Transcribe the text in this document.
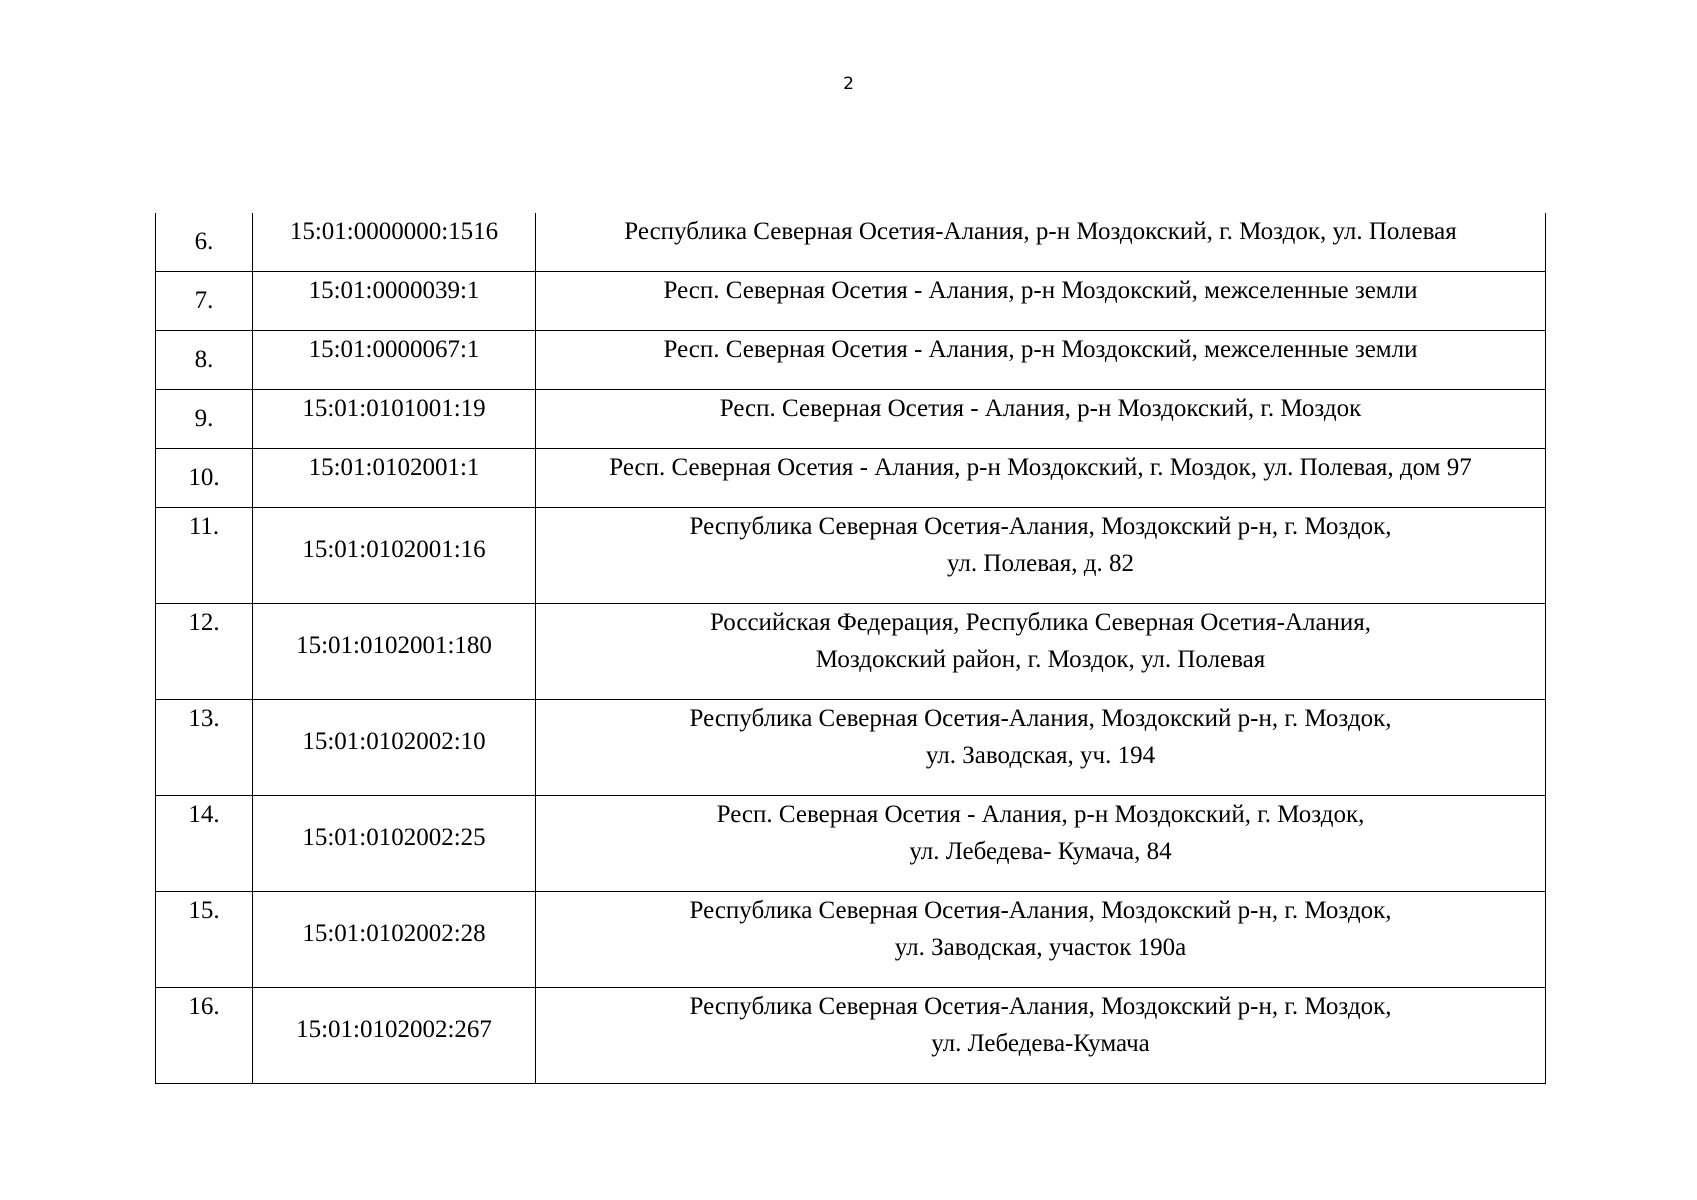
2
6.	15:01:0000000:1516	Республика Северная Осетия-Алания, р-н Моздокский, г. Моздок, ул. Полевая

7.	15:01:0000039:1	Респ. Северная Осетия - Алания, р-н Моздокский, межселенные земли

8.	15:01:0000067:1	Респ. Северная Осетия - Алания, р-н Моздокский, межселенные земли

9.	15:01:0101001:19	Респ. Северная Осетия - Алания, р-н Моздокский, г. Моздок

10.	15:01:0102001:1	Респ. Северная Осетия - Алания, р-н Моздокский, г. Моздок, ул. Полевая, дом 97

11.	15:01:0102001:16	Республика Северная Осетия-Алания, Моздокский р-н, г. Моздок,
ул. Полевая, д. 82

12.	15:01:0102001:180	Российская Федерация, Республика Северная Осетия-Алания,
Моздокский район, г. Моздок, ул. Полевая

13.	15:01:0102002:10	Республика Северная Осетия-Алания, Моздокский р-н, г. Моздок,
ул. Заводская, уч. 194

14.	15:01:0102002:25	Респ. Северная Осетия - Алания, р-н Моздокский, г. Моздок,
ул. Лебедева- Кумача, 84

15.	15:01:0102002:28	Республика Северная Осетия-Алания, Моздокский р-н, г. Моздок,
ул. Заводская, участок 190а

16.	15:01:0102002:267	Республика Северная Осетия-Алания, Моздокский р-н, г. Моздок,
ул. Лебедева-Кумача
